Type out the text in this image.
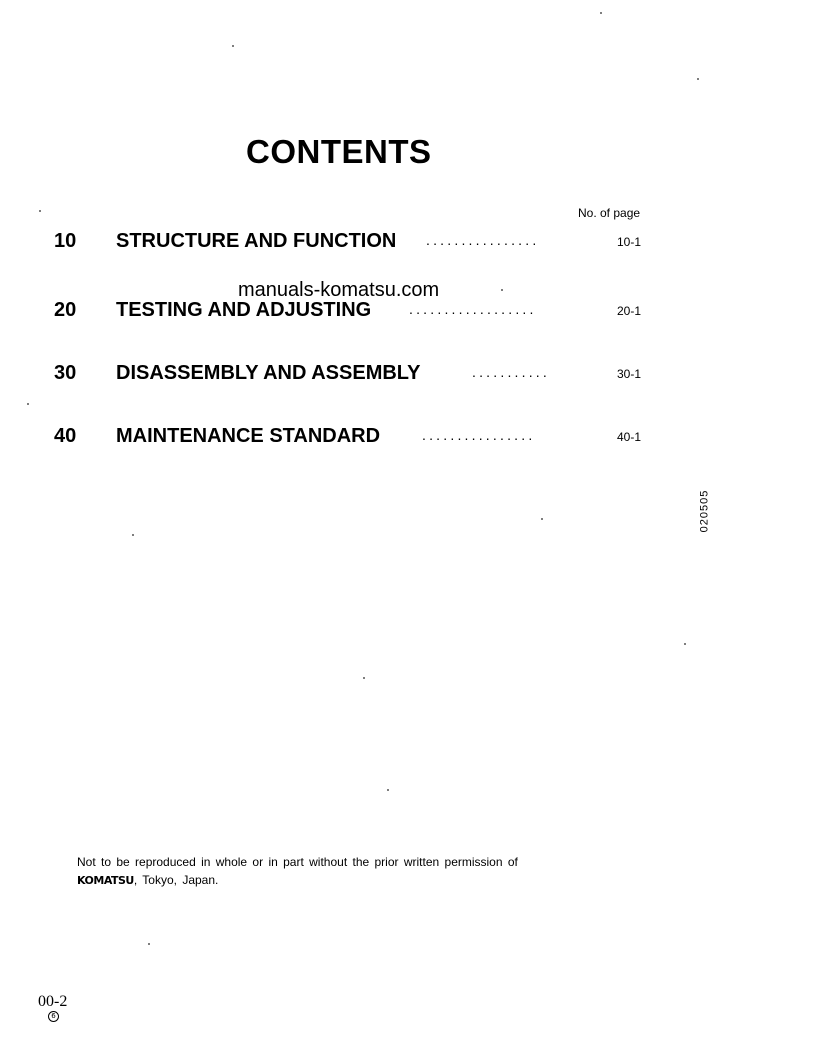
CONTENTS
No. of page
10 STRUCTURE AND FUNCTION ................	10-1
manuals-komatsu.com
20 TESTING AND ADJUSTING	..................	20-1
30 DISASSEMBLY AND ASSEMBLY	...........	30-1
40 MAINTENANCE STANDARD	................	40-1
020505
Not to be reproduced in whole or in part without the prior written permission of
KOMATSU, Tokyo, Japan.
00-2
6
